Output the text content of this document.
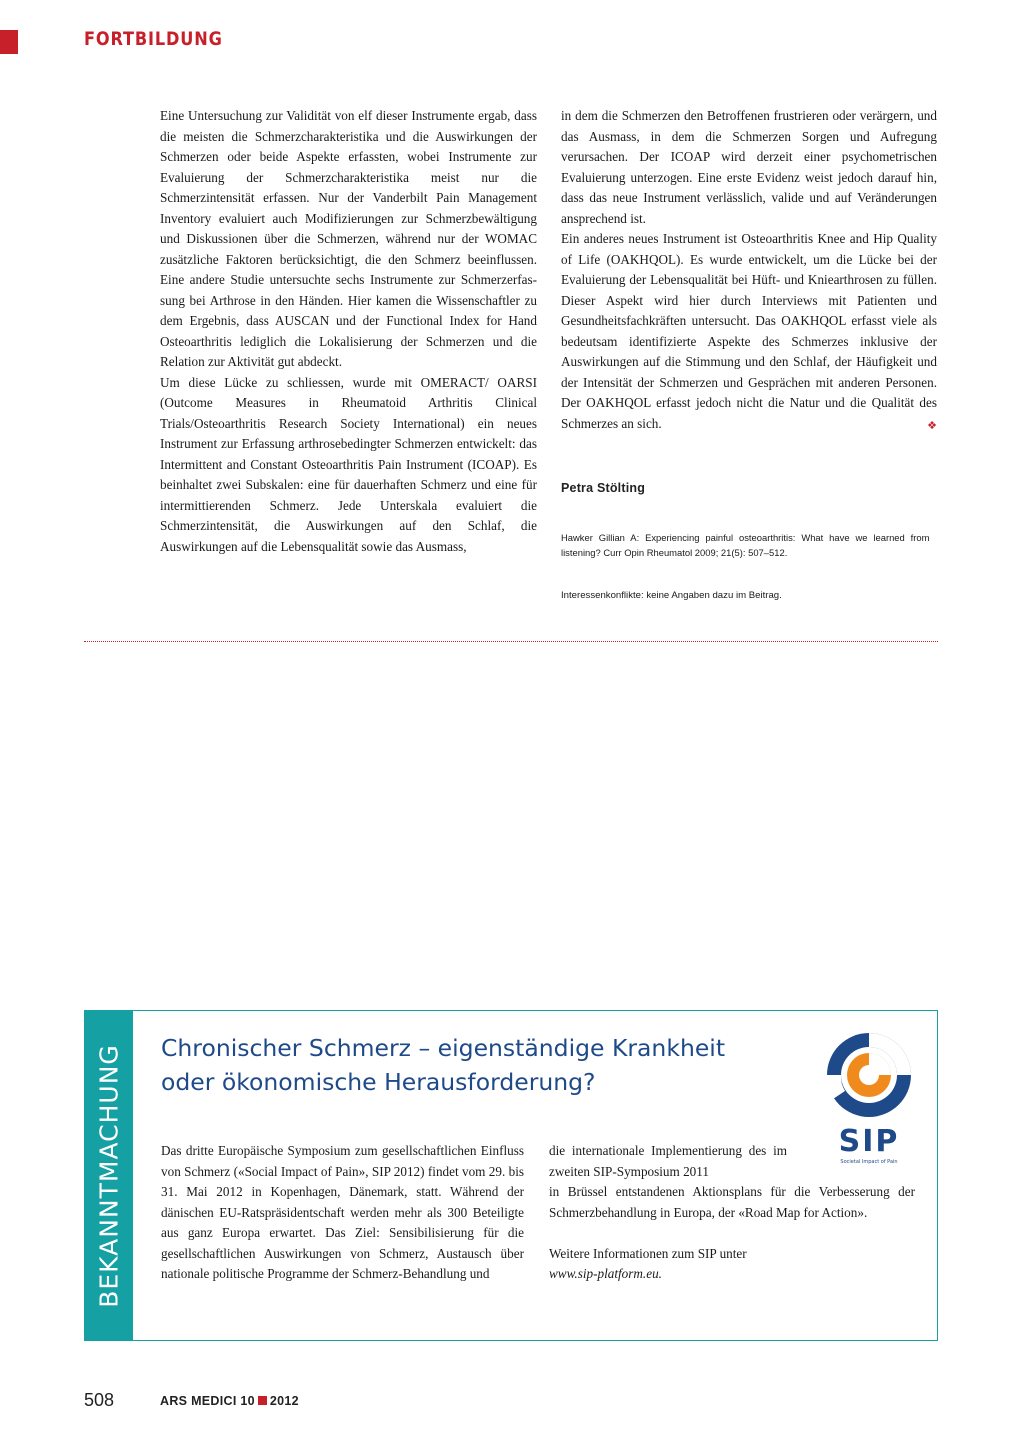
FORTBILDUNG

Eine Untersuchung zur Validität von elf dieser Instrumente ergab, dass die meisten die Schmerzcharakteristika und die Auswirkungen der Schmerzen oder beide Aspekte erfassten, wobei Instrumente zur Evaluierung der Schmerzcharakteristika meist nur die Schmerzintensität erfassen. Nur der Vanderbilt Pain Management Inventory evaluiert auch Modifizierungen zur Schmerzbewältigung und Diskussionen über die Schmerzen, während nur der WOMAC zusätzliche Faktoren berücksichtigt, die den Schmerz beeinflussen. Eine andere Studie untersuchte sechs Instrumente zur Schmerzerfassung bei Arthrose in den Händen. Hier kamen die Wissenschaftler zu dem Ergebnis, dass AUSCAN und der Functional Index for Hand Osteoarthritis lediglich die Lokalisierung der Schmerzen und die Relation zur Aktivität gut abdeckt.

Um diese Lücke zu schliessen, wurde mit OMERACT/ OARSI (Outcome Measures in Rheumatoid Arthritis Clinical Trials/Osteoarthritis Research Society International) ein neues Instrument zur Erfassung arthrosebedingter Schmerzen entwickelt: das Intermittent and Constant Osteoarthritis Pain Instrument (ICOAP). Es beinhaltet zwei Subskalen: eine für dauerhaften Schmerz und eine für intermittierenden Schmerz. Jede Unterskala evaluiert die Schmerzintensität, die Auswirkungen auf den Schlaf, die Auswirkungen auf die Lebensqualität sowie das Ausmass,

in dem die Schmerzen den Betroffenen frustrieren oder verärgern, und das Ausmass, in dem die Schmerzen Sorgen und Aufregung verursachen. Der ICOAP wird derzeit einer psychometrischen Evaluierung unterzogen. Eine erste Evidenz weist jedoch darauf hin, dass das neue Instrument verlässlich, valide und auf Veränderungen ansprechend ist.

Ein anderes neues Instrument ist Osteoarthritis Knee and Hip Quality of Life (OAKHQOL). Es wurde entwickelt, um die Lücke bei der Evaluierung der Lebensqualität bei Hüft- und Kniearthrosen zu füllen. Dieser Aspekt wird hier durch Interviews mit Patienten und Gesundheitsfachkräften untersucht. Das OAKHQOL erfasst viele als bedeutsam identifizierte Aspekte des Schmerzes inklusive der Auswirkungen auf die Stimmung und den Schlaf, der Häufigkeit und der Intensität der Schmerzen und Gesprächen mit anderen Personen. Der OAKHQOL erfasst jedoch nicht die Natur und die Qualität des Schmerzes an sich.	❖

Petra Stölting
Hawker Gillian A: Experiencing painful osteoarthritis: What have we learned from listening? Curr Opin Rheumatol 2009; 21(5): 507–512.
Interessenkonflikte: keine Angaben dazu im Beitrag.
BEKANNTMACHUNG Chronischer Schmerz – eigenständige Krankheit
oder ökonomische Herausforderung?
SIP
Societal Impact of Pain

Das dritte Europäische Symposium zum gesellschaftlichen Einfluss von Schmerz («Social Impact of Pain», SIP 2012) findet vom 29. bis 31. Mai 2012 in Kopenhagen, Dänemark, statt. Während der dänischen EU-Ratspräsidentschaft werden mehr als 300 Beteiligte aus ganz Europa erwartet. Das Ziel: Sensibilisierung für die gesellschaftlichen Auswirkungen von Schmerz, Austausch über nationale politische Programme der Schmerz-Behandlung und

die internationale Implementierung des im zweiten SIP-Symposium 2011

in Brüssel entstandenen Aktionsplans für die Verbesserung der Schmerzbehandlung in Europa, der «Road Map for Action».

Weitere Informationen zum SIP unter

www.sip-platform.eu.

508	ARS MEDICI 10 2012
